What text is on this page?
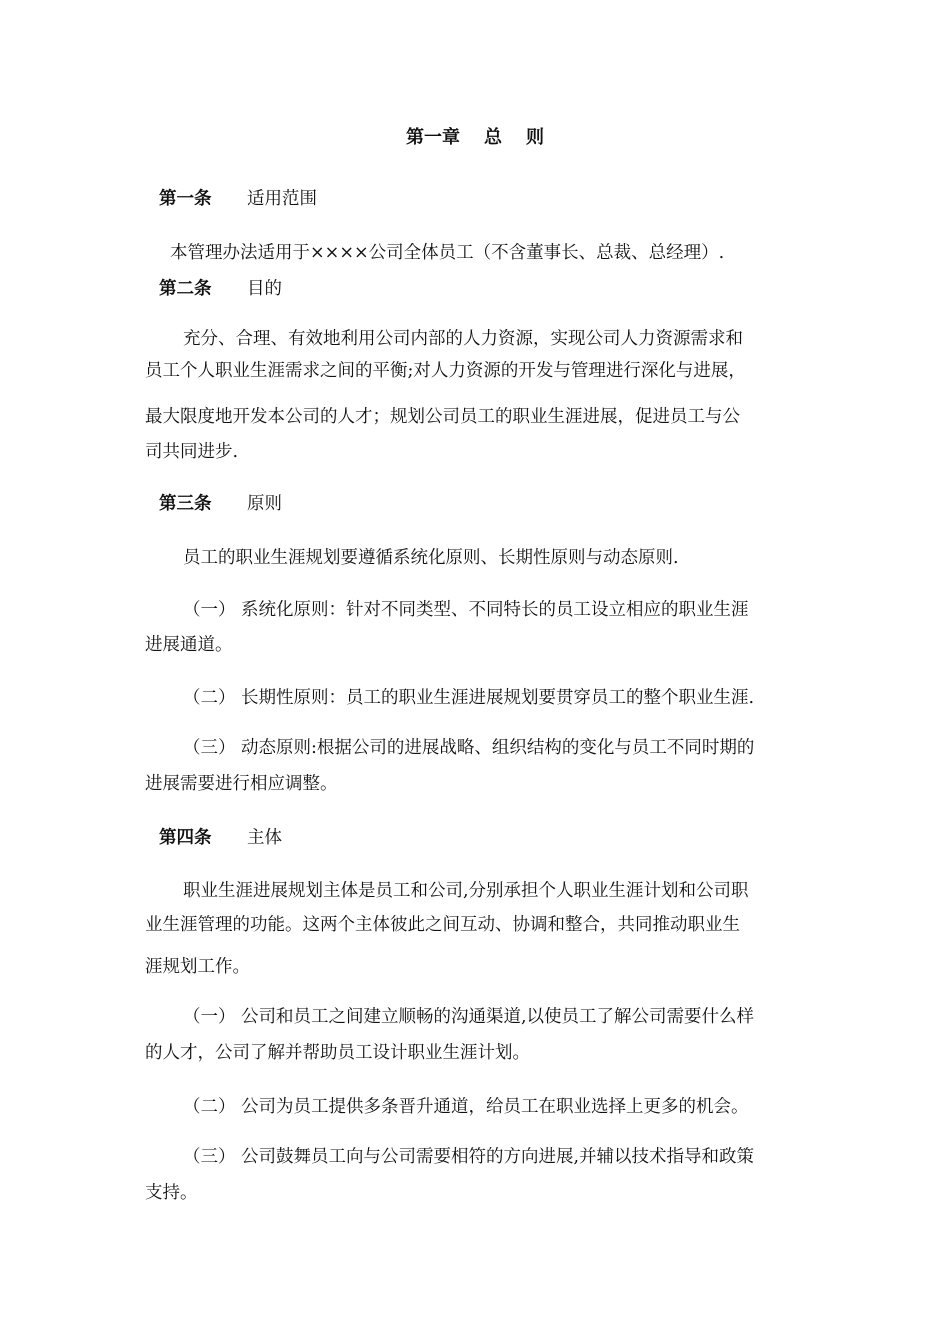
第一章 总 则

第一条 适用范围

本管理办法适用于××××公司全体员工（不含董事长、总裁、总经理）.

第二条 目的

充分、合理、有效地利用公司内部的人力资源，实现公司人力资源需求和

员工个人职业生涯需求之间的平衡;对人力资源的开发与管理进行深化与进展，

最大限度地开发本公司的人才；规划公司员工的职业生涯进展，促进员工与公

司共同进步.

第三条 原则

员工的职业生涯规划要遵循系统化原则、长期性原则与动态原则.

（一） 系统化原则：针对不同类型、不同特长的员工设立相应的职业生涯

进展通道。

（二） 长期性原则：员工的职业生涯进展规划要贯穿员工的整个职业生涯.

（三） 动态原则:根据公司的进展战略、组织结构的变化与员工不同时期的

进展需要进行相应调整。

第四条 主体

职业生涯进展规划主体是员工和公司,分别承担个人职业生涯计划和公司职

业生涯管理的功能。这两个主体彼此之间互动、协调和整合，共同推动职业生

涯规划工作。

（一） 公司和员工之间建立顺畅的沟通渠道,以使员工了解公司需要什么样

的人才，公司了解并帮助员工设计职业生涯计划。

（二） 公司为员工提供多条晋升通道，给员工在职业选择上更多的机会。

（三） 公司鼓舞员工向与公司需要相符的方向进展,并辅以技术指导和政策

支持。
